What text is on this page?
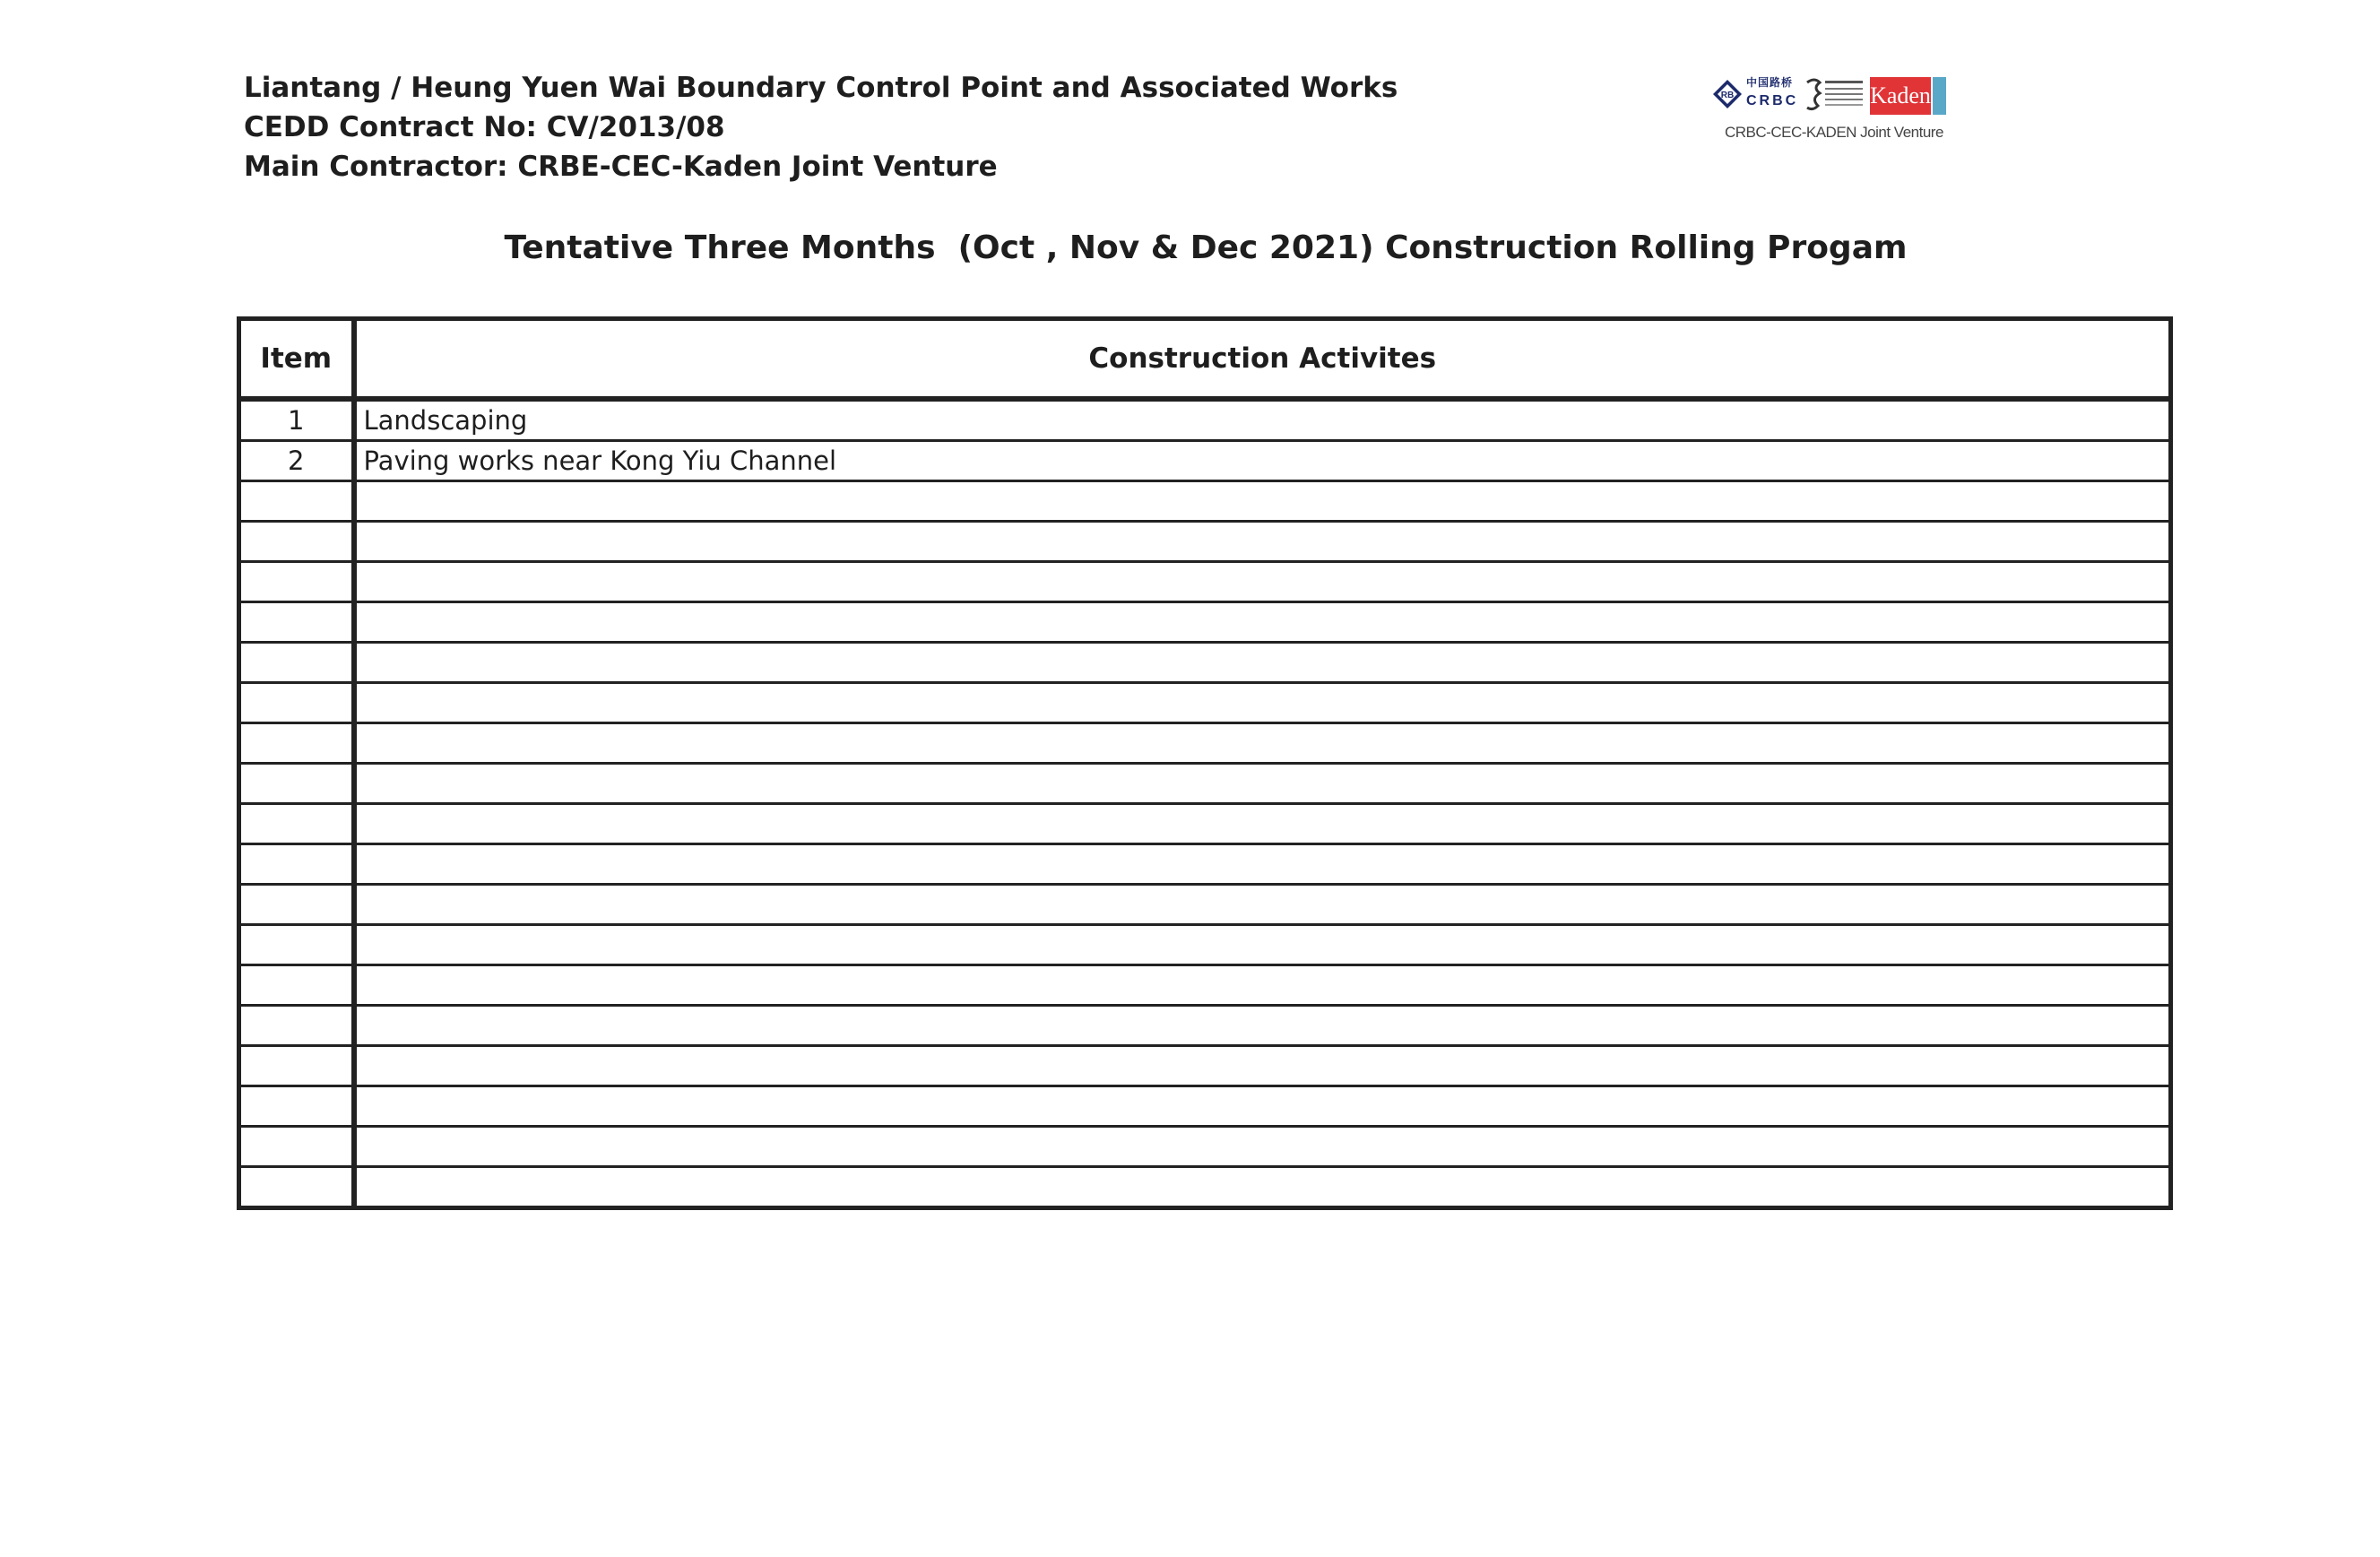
Liantang / Heung Yuen Wai Boundary Control Point and Associated Works
CEDD Contract No: CV/2013/08
Main Contractor: CRBE-CEC-Kaden Joint Venture
RB
中国路桥
CRBC	Kaden
CRBC-CEC-KADEN Joint Venture
Tentative Three Months  (Oct , Nov & Dec 2021) Construction Rolling Progam
Item	Construction Activites
1	Landscaping
2	Paving works near Kong Yiu Channel
